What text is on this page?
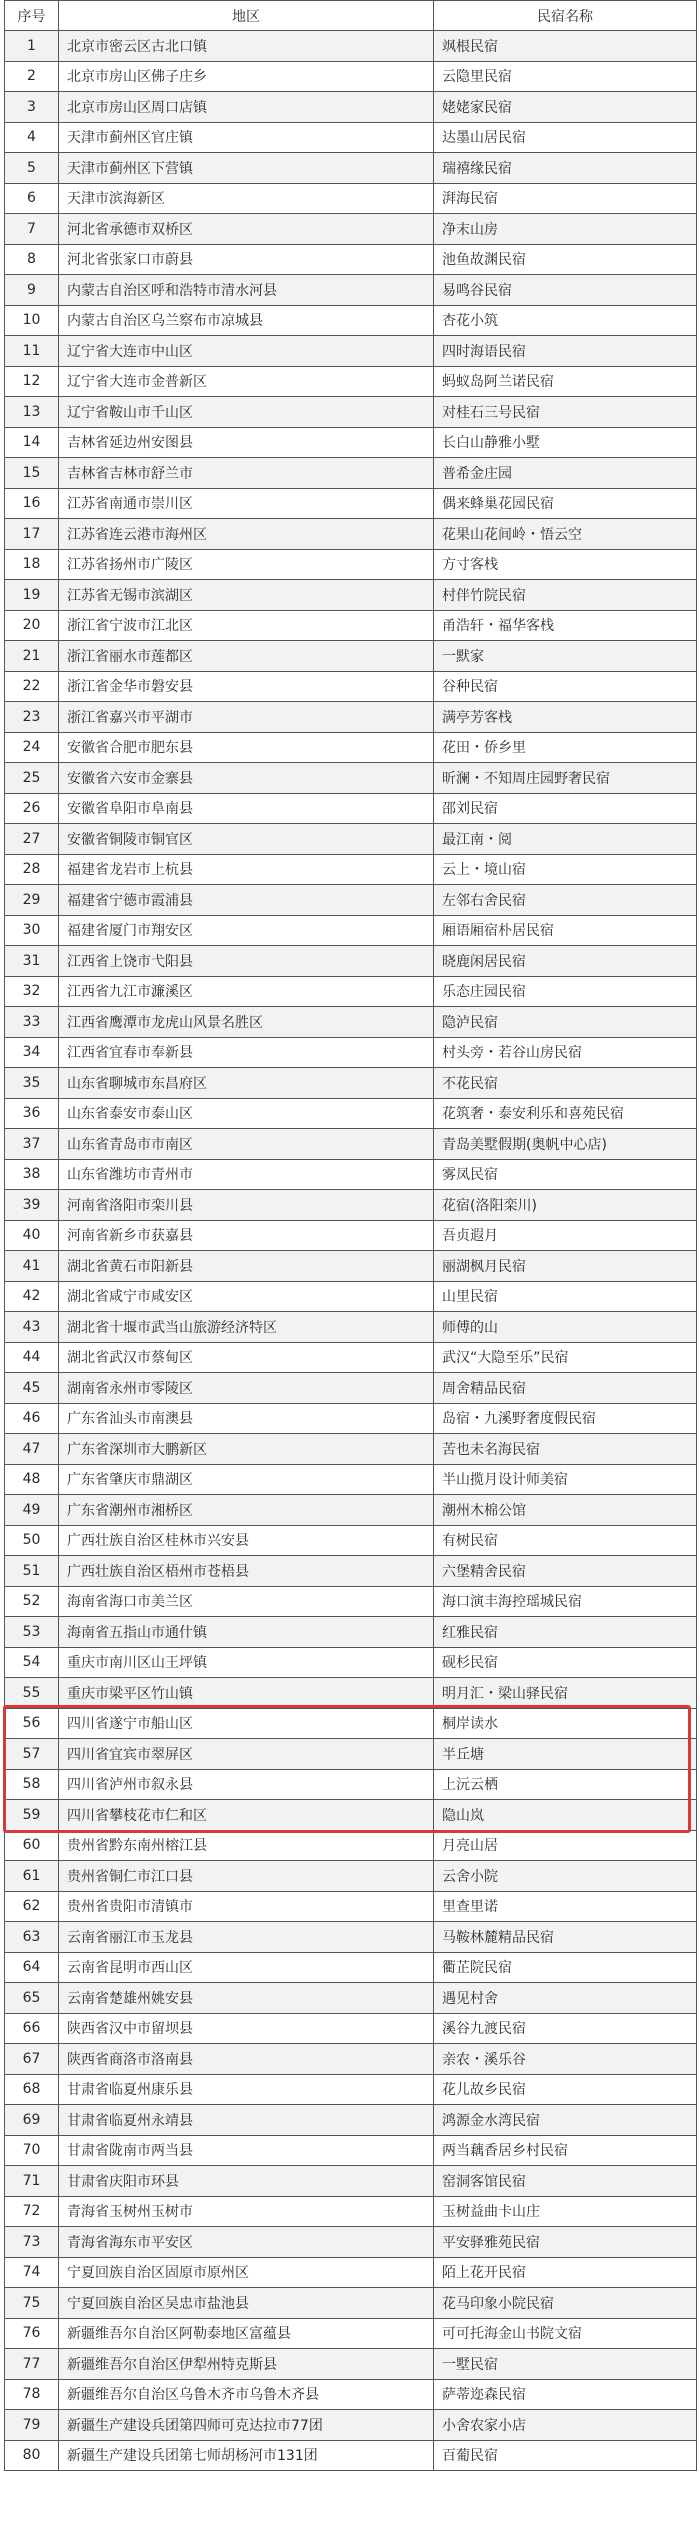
序号	地区	民宿名称
1	北京市密云区古北口镇	飒根民宿
2	北京市房山区佛子庄乡	云隐里民宿
3	北京市房山区周口店镇	姥姥家民宿
4	天津市蓟州区官庄镇	达墨山居民宿
5	天津市蓟州区下营镇	瑞禧缘民宿
6	天津市滨海新区	湃海民宿
7	河北省承德市双桥区	净末山房
8	河北省张家口市蔚县	池鱼故渊民宿
9	内蒙古自治区呼和浩特市清水河县	易鸣谷民宿
10	内蒙古自治区乌兰察布市凉城县	杏花小筑
11	辽宁省大连市中山区	四时海语民宿
12	辽宁省大连市金普新区	蚂蚁岛阿兰诺民宿
13	辽宁省鞍山市千山区	对桂石三号民宿
14	吉林省延边州安图县	长白山静雅小墅
15	吉林省吉林市舒兰市	普希金庄园
16	江苏省南通市崇川区	偶来蜂巢花园民宿
17	江苏省连云港市海州区	花果山花间岭・悟云空
18	江苏省扬州市广陵区	方寸客栈
19	江苏省无锡市滨湖区	村伴竹院民宿
20	浙江省宁波市江北区	甬浩轩・福华客栈
21	浙江省丽水市莲都区	一默家
22	浙江省金华市磐安县	谷种民宿
23	浙江省嘉兴市平湖市	满亭芳客栈
24	安徽省合肥市肥东县	花田・侨乡里
25	安徽省六安市金寨县	昕澜・不知周庄园野奢民宿
26	安徽省阜阳市阜南县	邵刘民宿
27	安徽省铜陵市铜官区	最江南・阅
28	福建省龙岩市上杭县	云上・境山宿
29	福建省宁德市霞浦县	左邻右舍民宿
30	福建省厦门市翔安区	厢语厢宿朴居民宿
31	江西省上饶市弋阳县	晓鹿闲居民宿
32	江西省九江市濂溪区	乐态庄园民宿
33	江西省鹰潭市龙虎山风景名胜区	隐泸民宿
34	江西省宜春市奉新县	村头旁・若谷山房民宿
35	山东省聊城市东昌府区	不花民宿
36	山东省泰安市泰山区	花筑奢・泰安利乐和喜苑民宿
37	山东省青岛市市南区	青岛美墅假期(奥帆中心店)
38	山东省潍坊市青州市	雾凤民宿
39	河南省洛阳市栾川县	花宿(洛阳栾川)
40	河南省新乡市获嘉县	吾贞遐月
41	湖北省黄石市阳新县	丽湖枫月民宿
42	湖北省咸宁市咸安区	山里民宿
43	湖北省十堰市武当山旅游经济特区	师傅的山
44	湖北省武汉市蔡甸区	武汉“大隐至乐”民宿
45	湖南省永州市零陵区	周舍精品民宿
46	广东省汕头市南澳县	岛宿・九溪野奢度假民宿
47	广东省深圳市大鹏新区	苦也未名海民宿
48	广东省肇庆市鼎湖区	半山揽月设计师美宿
49	广东省潮州市湘桥区	潮州木棉公馆
50	广西壮族自治区桂林市兴安县	有树民宿
51	广西壮族自治区梧州市苍梧县	六堡精舍民宿
52	海南省海口市美兰区	海口演丰海控瑶城民宿
53	海南省五指山市通什镇	红雅民宿
54	重庆市南川区山王坪镇	砚杉民宿
55	重庆市梁平区竹山镇	明月汇・梁山驿民宿
56	四川省遂宁市船山区	桐岸读水
57	四川省宜宾市翠屏区	半丘塘
58	四川省泸州市叙永县	上沅云栖
59	四川省攀枝花市仁和区	隐山岚
60	贵州省黔东南州榕江县	月亮山居
61	贵州省铜仁市江口县	云舍小院
62	贵州省贵阳市清镇市	里查里诺
63	云南省丽江市玉龙县	马鞍林麓精品民宿
64	云南省昆明市西山区	衢芷院民宿
65	云南省楚雄州姚安县	遇见村舍
66	陕西省汉中市留坝县	溪谷九渡民宿
67	陕西省商洛市洛南县	亲农・溪乐谷
68	甘肃省临夏州康乐县	花儿故乡民宿
69	甘肃省临夏州永靖县	鸿源金水湾民宿
70	甘肃省陇南市两当县	两当藕香居乡村民宿
71	甘肃省庆阳市环县	窑洞客馆民宿
72	青海省玉树州玉树市	玉树益曲卡山庄
73	青海省海东市平安区	平安驿雅苑民宿
74	宁夏回族自治区固原市原州区	陌上花开民宿
75	宁夏回族自治区吴忠市盐池县	花马印象小院民宿
76	新疆维吾尔自治区阿勒泰地区富蕴县	可可托海金山书院文宿
77	新疆维吾尔自治区伊犁州特克斯县	一墅民宿
78	新疆维吾尔自治区乌鲁木齐市乌鲁木齐县	萨蒂迩森民宿
79	新疆生产建设兵团第四师可克达拉市77团	小舍农家小店
80	新疆生产建设兵团第七师胡杨河市131团	百葡民宿
